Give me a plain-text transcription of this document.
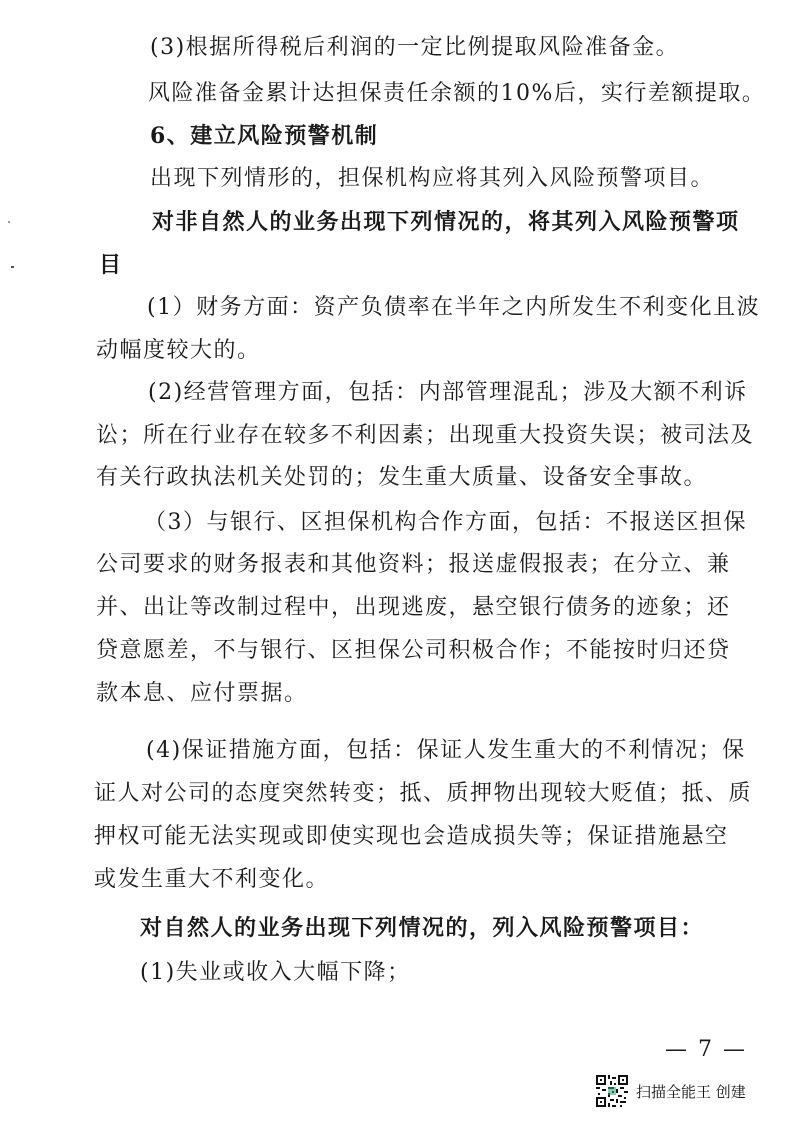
(3)根据所得税后利润的一定比例提取风险准备金。
风险准备金累计达担保责任余额的10%后，实行差额提取。
6、建立风险预警机制
出现下列情形的，担保机构应将其列入风险预警项目。
对非自然人的业务出现下列情况的，将其列入风险预警项
目
(1）财务方面：资产负债率在半年之内所发生不利变化且波
动幅度较大的。
(2)经营管理方面，包括：内部管理混乱；涉及大额不利诉
讼；所在行业存在较多不利因素；出现重大投资失误；被司法及
有关行政执法机关处罚的；发生重大质量、设备安全事故。
（3）与银行、区担保机构合作方面，包括：不报送区担保
公司要求的财务报表和其他资料；报送虚假报表；在分立、兼
并、出让等改制过程中，出现逃废，悬空银行债务的迹象；还
贷意愿差，不与银行、区担保公司积极合作；不能按时归还贷
款本息、应付票据。
(4)保证措施方面，包括：保证人发生重大的不利情况；保
证人对公司的态度突然转变；抵、质押物出现较大贬值；抵、质
押权可能无法实现或即使实现也会造成损失等；保证措施悬空
或发生重大不利变化。
对自然人的业务出现下列情况的，列入风险预警项目：
(1)失业或收入大幅下降；
— 7 —
扫描全能王 创建
